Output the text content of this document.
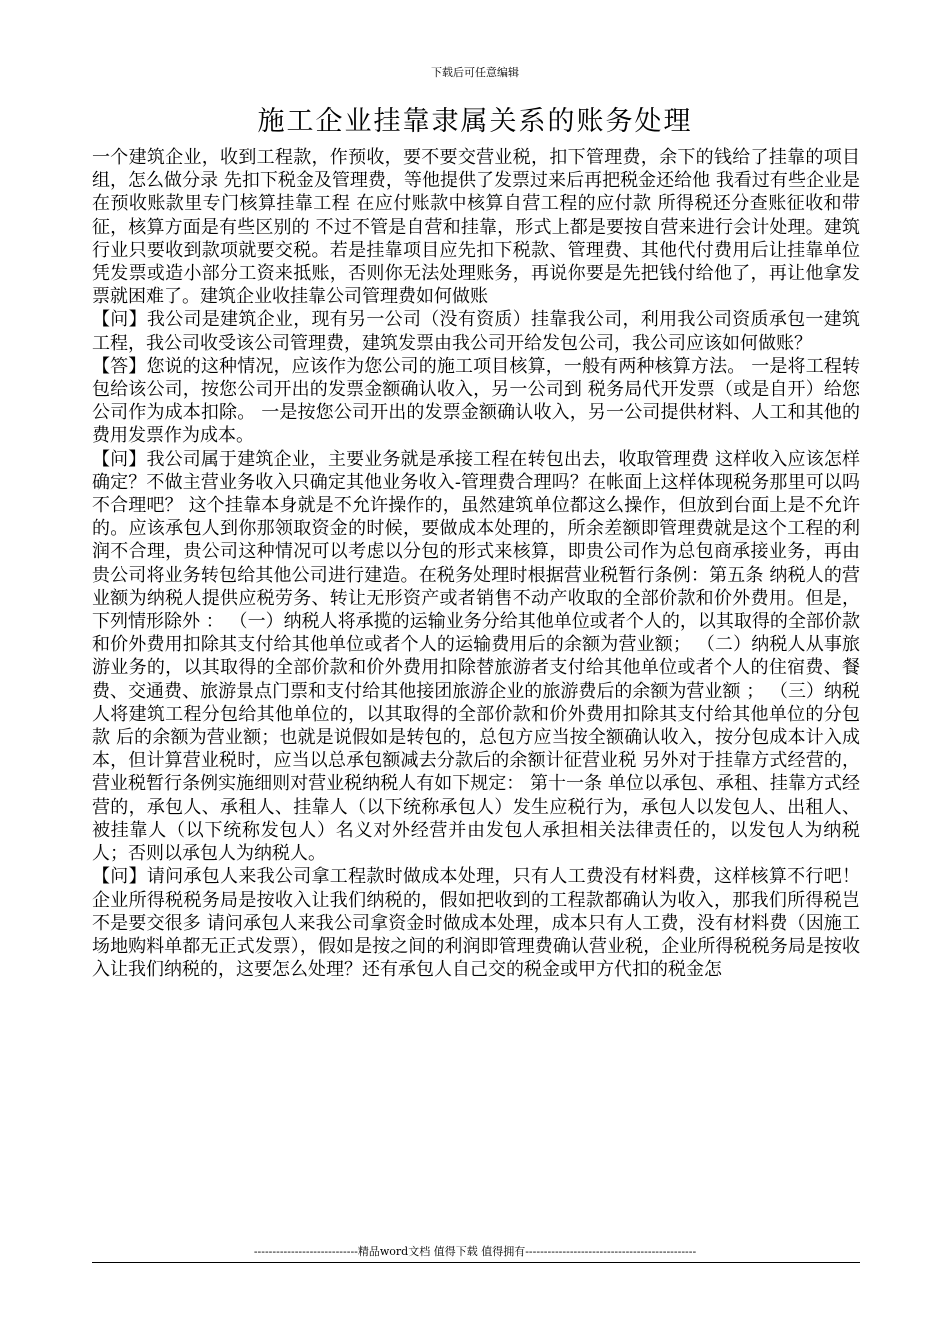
下载后可任意编辑
施工企业挂靠隶属关系的账务处理

一个建筑企业，收到工程款，作预收，要不要交营业税，扣下管理费，余下的钱给了挂靠的项目组，怎么做分录 先扣下税金及管理费，等他提供了发票过来后再把税金还给他 我看过有些企业是在预收账款里专门核算挂靠工程 在应付账款中核算自营工程的应付款 所得税还分查账征收和带征，核算方面是有些区别的 不过不管是自营和挂靠，形式上都是要按自营来进行会计处理。建筑行业只要收到款项就要交税。若是挂靠项目应先扣下税款、管理费、其他代付费用后让挂靠单位凭发票或造小部分工资来抵账，否则你无法处理账务，再说你要是先把钱付给他了，再让他拿发票就困难了。建筑企业收挂靠公司管理费如何做账

【问】我公司是建筑企业，现有另一公司（没有资质）挂靠我公司，利用我公司资质承包一建筑工程，我公司收受该公司管理费，建筑发票由我公司开给发包公司，我公司应该如何做账？

【答】您说的这种情况，应该作为您公司的施工项目核算，一般有两种核算方法。 一是将工程转包给该公司，按您公司开出的发票金额确认收入，另一公司到 税务局代开发票（或是自开）给您公司作为成本扣除。 一是按您公司开出的发票金额确认收入，另一公司提供材料、人工和其他的费用发票作为成本。

【问】我公司属于建筑企业，主要业务就是承接工程在转包出去，收取管理费 这样收入应该怎样确定？不做主营业务收入只确定其他业务收入-管理费合理吗？在帐面上这样体现税务那里可以吗 不合理吧？ 这个挂靠本身就是不允许操作的，虽然建筑单位都这么操作，但放到台面上是不允许的。应该承包人到你那领取资金的时候，要做成本处理的，所余差额即管理费就是这个工程的利润不合理，贵公司这种情况可以考虑以分包的形式来核算，即贵公司作为总包商承接业务，再由贵公司将业务转包给其他公司进行建造。在税务处理时根据营业税暂行条例：第五条 纳税人的营业额为纳税人提供应税劳务、转让无形资产或者销售不动产收取的全部价款和价外费用。但是，下列情形除外 ： （一）纳税人将承揽的运输业务分给其他单位或者个人的，以其取得的全部价款和价外费用扣除其支付给其他单位或者个人的运输费用后的余额为营业额； （二）纳税人从事旅游业务的，以其取得的全部价款和价外费用扣除替旅游者支付给其他单位或者个人的住宿费、餐费、交通费、旅游景点门票和支付给其他接团旅游企业的旅游费后的余额为营业额 ； （三）纳税人将建筑工程分包给其他单位的，以其取得的全部价款和价外费用扣除其支付给其他单位的分包款 后的余额为营业额；也就是说假如是转包的，总包方应当按全额确认收入，按分包成本计入成本，但计算营业税时，应当以总承包额减去分款后的余额计征营业税 另外对于挂靠方式经营的，营业税暂行条例实施细则对营业税纳税人有如下规定： 第十一条 单位以承包、承租、挂靠方式经营的，承包人、承租人、挂靠人（以下统称承包人）发生应税行为，承包人以发包人、出租人、被挂靠人（以下统称发包人）名义对外经营并由发包人承担相关法律责任的，以发包人为纳税人；否则以承包人为纳税人。

【问】请问承包人来我公司拿工程款时做成本处理，只有人工费没有材料费，这样核算不行吧！企业所得税税务局是按收入让我们纳税的，假如把收到的工程款都确认为收入，那我们所得税岂不是要交很多 请问承包人来我公司拿资金时做成本处理，成本只有人工费，没有材料费（因施工场地购料单都无正式发票），假如是按之间的利润即管理费确认营业税，企业所得税税务局是按收入让我们纳税的，这要怎么处理？还有承包人自己交的税金或甲方代扣的税金怎

----------------------------精品word文档 值得下载 值得拥有----------------------------------------------
